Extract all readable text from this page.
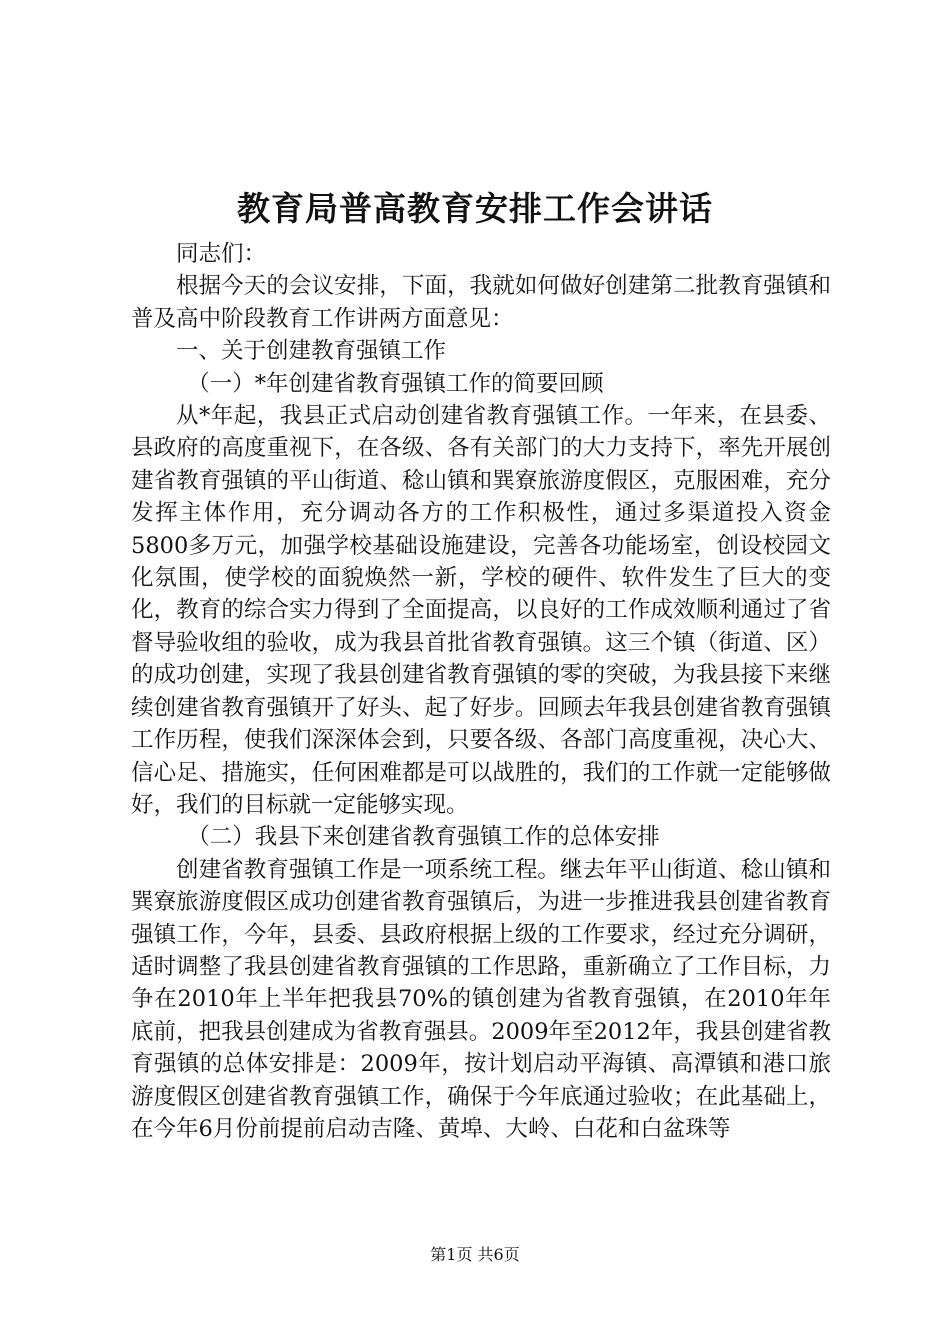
教育局普高教育安排工作会讲话

同志们：

根据今天的会议安排，下面，我就如何做好创建第二批教育强镇和普及高中阶段教育工作讲两方面意见：

一、关于创建教育强镇工作

（一）*年创建省教育强镇工作的简要回顾

从*年起，我县正式启动创建省教育强镇工作。一年来，在县委、县政府的高度重视下，在各级、各有关部门的大力支持下，率先开展创建省教育强镇的平山街道、稔山镇和巽寮旅游度假区，克服困难，充分发挥主体作用，充分调动各方的工作积极性，通过多渠道投入资金5800多万元，加强学校基础设施建设，完善各功能场室，创设校园文化氛围，使学校的面貌焕然一新，学校的硬件、软件发生了巨大的变化，教育的综合实力得到了全面提高，以良好的工作成效顺利通过了省督导验收组的验收，成为我县首批省教育强镇。这三个镇（街道、区）的成功创建，实现了我县创建省教育强镇的零的突破，为我县接下来继续创建省教育强镇开了好头、起了好步。回顾去年我县创建省教育强镇工作历程，使我们深深体会到，只要各级、各部门高度重视，决心大、信心足、措施实，任何困难都是可以战胜的，我们的工作就一定能够做好，我们的目标就一定能够实现。

（二）我县下来创建省教育强镇工作的总体安排

创建省教育强镇工作是一项系统工程。继去年平山街道、稔山镇和巽寮旅游度假区成功创建省教育强镇后，为进一步推进我县创建省教育强镇工作，今年，县委、县政府根据上级的工作要求，经过充分调研，适时调整了我县创建省教育强镇的工作思路，重新确立了工作目标，力争在2010年上半年把我县70%的镇创建为省教育强镇，在2010年年底前，把我县创建成为省教育强县。2009年至2012年，我县创建省教育强镇的总体安排是：2009年，按计划启动平海镇、高潭镇和港口旅游度假区创建省教育强镇工作，确保于今年底通过验收；在此基础上，在今年6月份前提前启动吉隆、黄埠、大岭、白花和白盆珠等

第1页 共6页
